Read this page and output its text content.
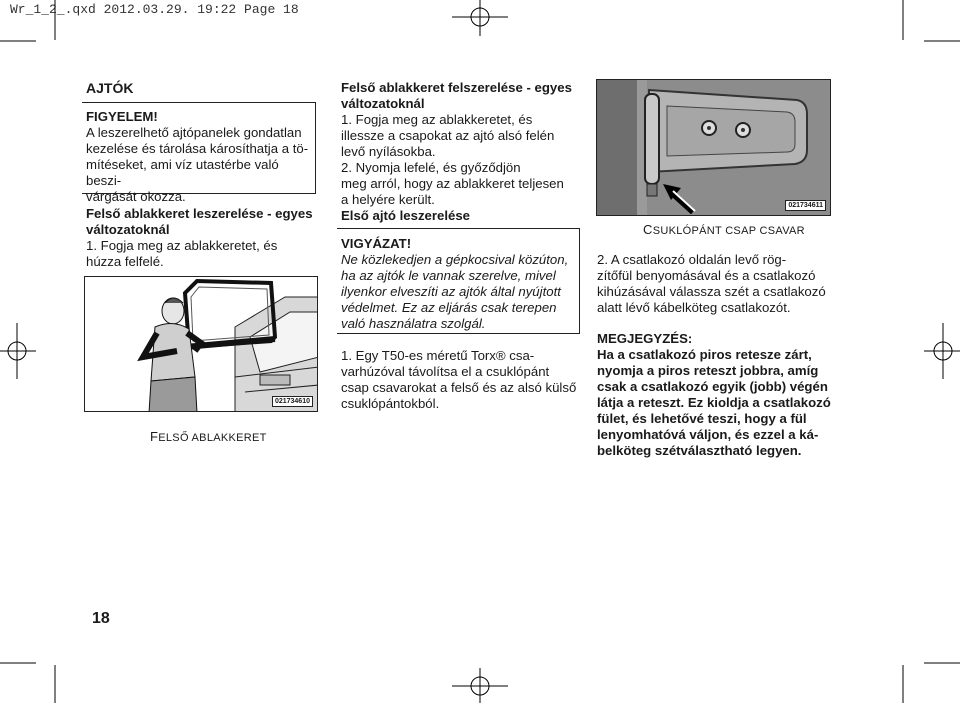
Wr_1_2_.qxd 2012.03.29. 19:22 Page 18
AJTÓK
FIGYELEM!
A leszerelhető ajtópanelek gondatlan
kezelése és tárolása károsíthatja a tö-
mítéseket, ami víz utastérbe való beszi-
várgását okozza.
Felső ablakkeret leszerelése - egyes
változatoknál
1. Fogja meg az ablakkeretet, és
húzza felfelé.
021734610
FELSŐ ABLAKKERET
Felső ablakkeret felszerelése - egyes
változatoknál
1. Fogja meg az ablakkeretet, és
illessze a csapokat az ajtó alsó felén
levő nyílásokba.
2. Nyomja lefelé, és győződjön
meg arról, hogy az ablakkeret teljesen
a helyére került.
Első ajtó leszerelése
VIGYÁZAT!
Ne közlekedjen a gépkocsival közúton,
ha az ajtók le vannak szerelve, mivel
ilyenkor elveszíti az ajtók által nyújtott
védelmet. Ez az eljárás csak terepen
való használatra szolgál.
1. Egy T50-es méretű Torx® csa-
varhúzóval távolítsa el a csuklópánt
csap csavarokat a felső és az alsó külső
csuklópántokból.
021734611
CSUKLÓPÁNT CSAP CSAVAR
2. A csatlakozó oldalán levő rög-
zítőfül benyomásával és a csatlakozó
kihúzásával válassza szét a csatlakozó
alatt lévő kábelköteg csatlakozót.
MEGJEGYZÉS:
Ha a csatlakozó piros retesze zárt,
nyomja a piros reteszt jobbra, amíg
csak a csatlakozó egyik (jobb) végén
látja a reteszt. Ez kioldja a csatlakozó
fület, és lehetővé teszi, hogy a fül
lenyomhatóvá váljon, és ezzel a ká-
belköteg szétválasztható legyen.
18
